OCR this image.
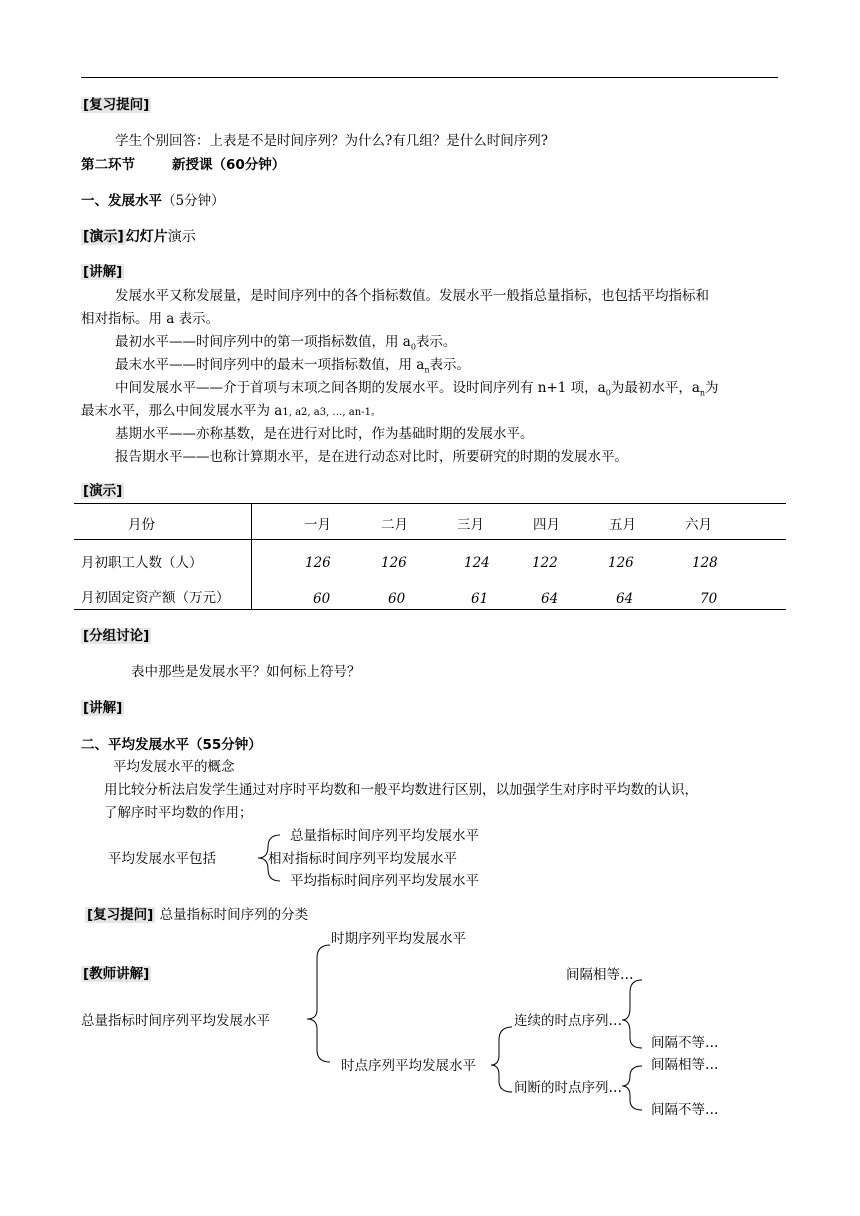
[复习提问]
学生个别回答：上表是不是时间序列？为什么?有几组？是什么时间序列?
第二环节	新授课（60分钟）
一、发展水平（5分钟）
[演示] 幻灯片演示
[讲解]
发展水平又称发展量，是时间序列中的各个指标数值。发展水平一般指总量指标，也包括平均指标和
相对指标。用 a 表示。
最初水平——时间序列中的第一项指标数值，用 $a_0$表示。
最末水平——时间序列中的最末一项指标数值，用 $a_n$表示。
中间发展水平——介于首项与末项之间各期的发展水平。设时间序列有 n+1 项，$a_0$为最初水平，$a_n$为
最末水平，那么中间发展水平为 a1, a2, a3, …, an-1。
基期水平——亦称基数，是在进行对比时，作为基础时期的发展水平。
报告期水平——也称计算期水平，是在进行动态对比时，所要研究的时期的发展水平。
[演示]
月份	一月	二月	三月	四月	五月	六月
月初职工人数（人）	126	126	124	122	126	128
月初固定资产额（万元）	60	60	61	64	64	70
[分组讨论]
表中那些是发展水平？如何标上符号？
[讲解]
二、平均发展水平（55分钟）
平均发展水平的概念
用比较分析法启发学生通过对序时平均数和一般平均数进行区别，以加强学生对序时平均数的认识，
了解序时平均数的作用；
平均发展水平包括
总量指标时间序列平均发展水平
相对指标时间序列平均发展水平
平均指标时间序列平均发展水平
[复习提问] 总量指标时间序列的分类
[教师讲解]
总量指标时间序列平均发展水平
时期序列平均发展水平
时点序列平均发展水平
连续的时点序列…
间断的时点序列…
间隔相等…
间隔不等…
间隔相等…
间隔不等…
